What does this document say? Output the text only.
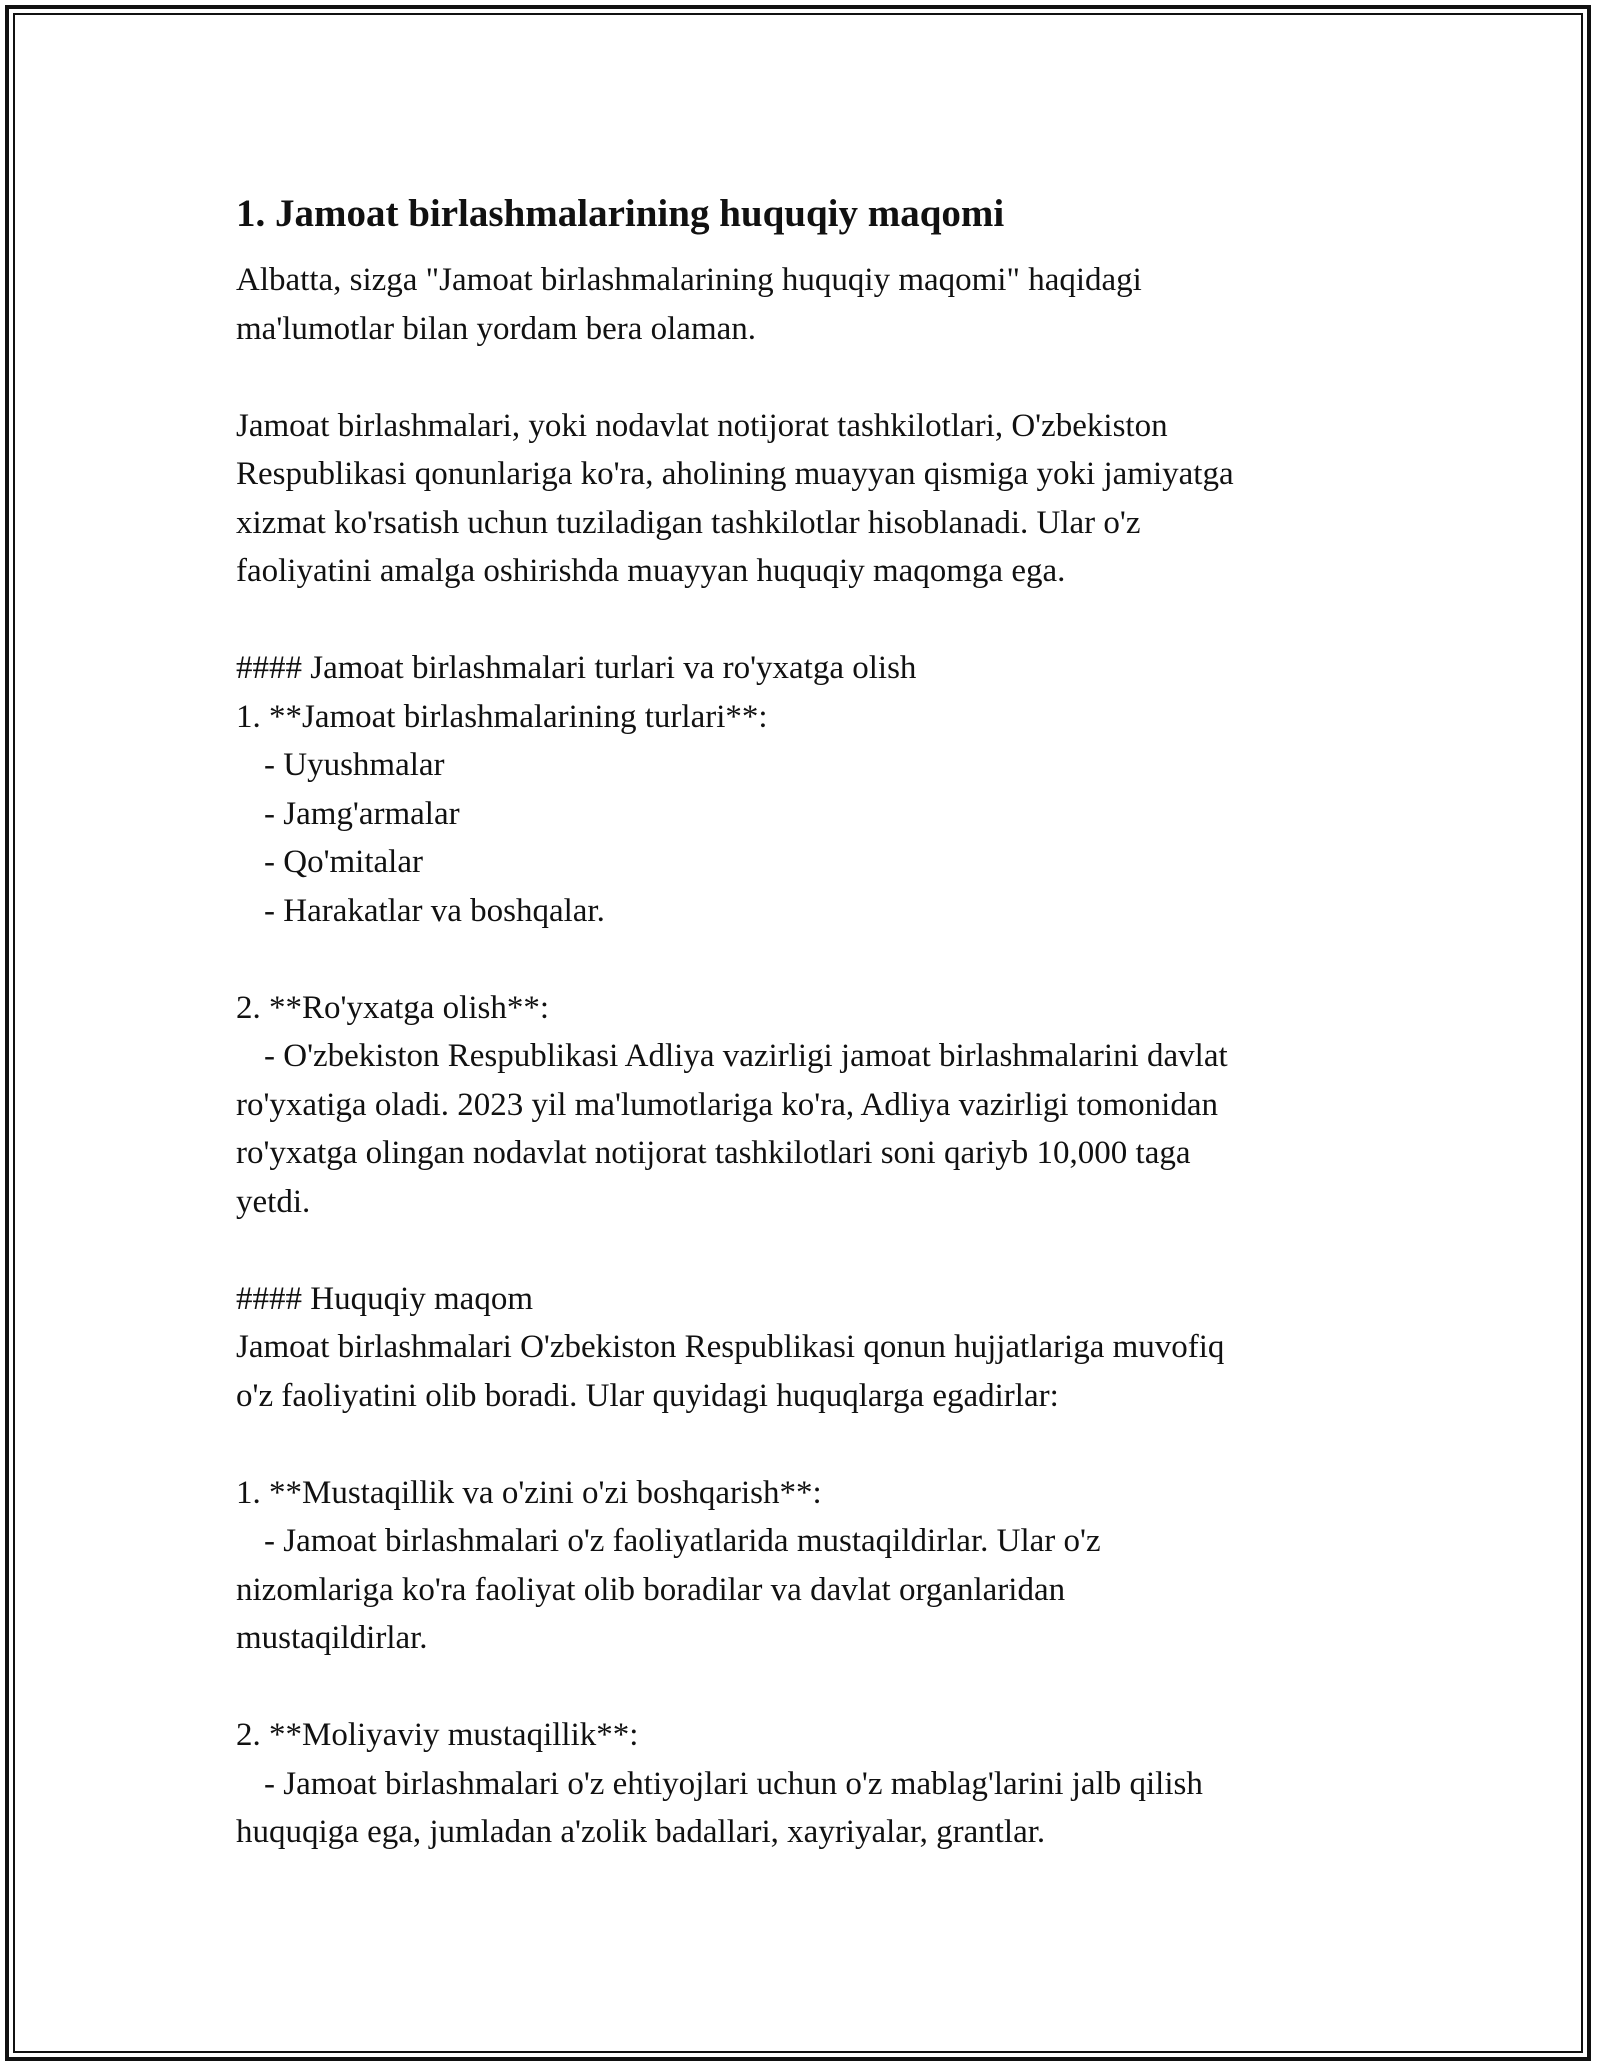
1. Jamoat birlashmalarining huquqiy maqomi
Albatta, sizga "Jamoat birlashmalarining huquqiy maqomi" haqidagi
ma'lumotlar bilan yordam bera olaman.
Jamoat birlashmalari, yoki nodavlat notijorat tashkilotlari, O'zbekiston
Respublikasi qonunlariga ko'ra, aholining muayyan qismiga yoki jamiyatga
xizmat ko'rsatish uchun tuziladigan tashkilotlar hisoblanadi. Ular o'z
faoliyatini amalga oshirishda muayyan huquqiy maqomga ega.
#### Jamoat birlashmalari turlari va ro'yxatga olish
1. **Jamoat birlashmalarining turlari**:
- Uyushmalar
- Jamg'armalar
- Qo'mitalar
- Harakatlar va boshqalar.
2. **Ro'yxatga olish**:
- O'zbekiston Respublikasi Adliya vazirligi jamoat birlashmalarini davlat
ro'yxatiga oladi. 2023 yil ma'lumotlariga ko'ra, Adliya vazirligi tomonidan
ro'yxatga olingan nodavlat notijorat tashkilotlari soni qariyb 10,000 taga
yetdi.
#### Huquqiy maqom
Jamoat birlashmalari O'zbekiston Respublikasi qonun hujjatlariga muvofiq
o'z faoliyatini olib boradi. Ular quyidagi huquqlarga egadirlar:
1. **Mustaqillik va o'zini o'zi boshqarish**:
- Jamoat birlashmalari o'z faoliyatlarida mustaqildirlar. Ular o'z
nizomlariga ko'ra faoliyat olib boradilar va davlat organlaridan
mustaqildirlar.
2. **Moliyaviy mustaqillik**:
- Jamoat birlashmalari o'z ehtiyojlari uchun o'z mablag'larini jalb qilish
huquqiga ega, jumladan a'zolik badallari, xayriyalar, grantlar.
